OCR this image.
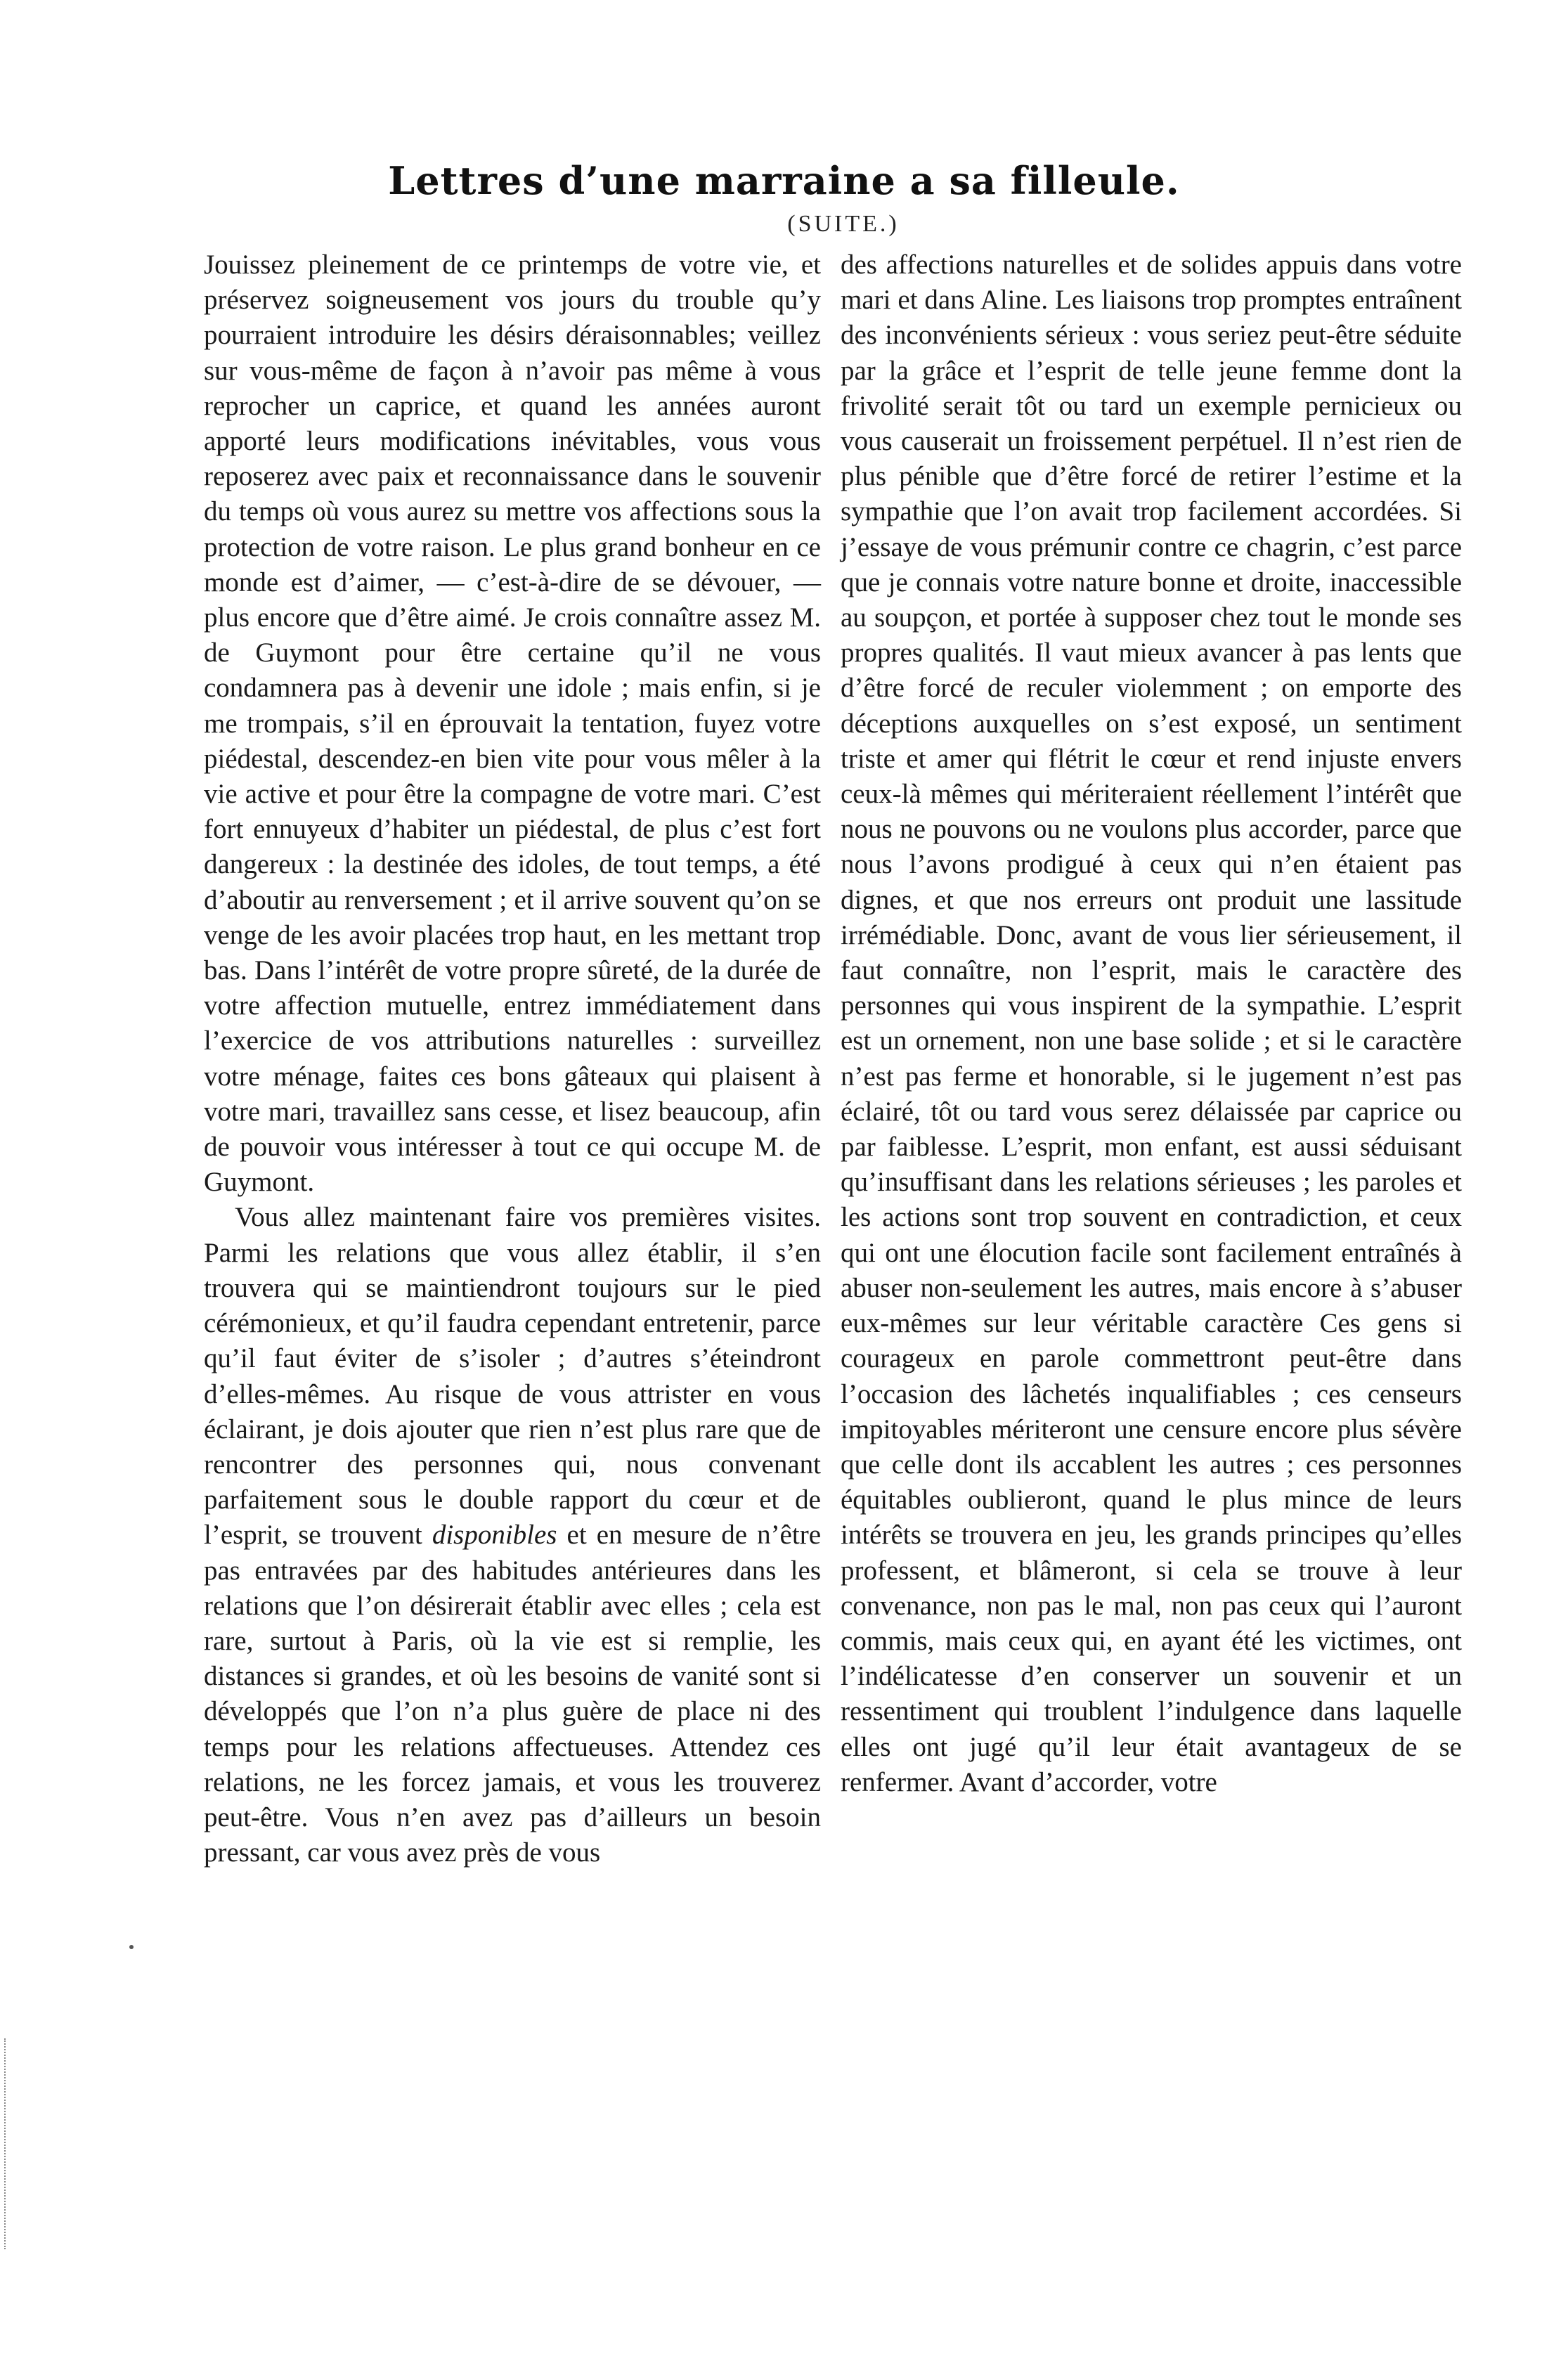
Lettres d’une marraine a sa filleule.
(SUITE.)

Jouissez pleinement de ce printemps de votre vie, et préservez soigneusement vos jours du trouble qu’y pourraient introduire les désirs déraisonnables; veillez sur vous-même de façon à n’avoir pas même à vous reprocher un caprice, et quand les années auront apporté leurs modifications inévitables, vous vous reposerez avec paix et reconnaissance dans le souvenir du temps où vous aurez su mettre vos affections sous la protection de votre raison. Le plus grand bonheur en ce monde est d’aimer, — c’est-à-dire de se dévouer, — plus encore que d’être aimé. Je crois connaître assez M. de Guymont pour être certaine qu’il ne vous condamnera pas à devenir une idole ; mais enfin, si je me trompais, s’il en éprouvait la tentation, fuyez votre piédestal, descendez-en bien vite pour vous mêler à la vie active et pour être la compagne de votre mari. C’est fort ennuyeux d’habiter un piédestal, de plus c’est fort dangereux : la destinée des idoles, de tout temps, a été d’aboutir au renversement ; et il arrive souvent qu’on se venge de les avoir placées trop haut, en les mettant trop bas. Dans l’intérêt de votre propre sûreté, de la durée de votre affection mutuelle, entrez immédiatement dans l’exercice de vos attributions naturelles : surveillez votre ménage, faites ces bons gâteaux qui plaisent à votre mari, travaillez sans cesse, et lisez beaucoup, afin de pouvoir vous intéresser à tout ce qui occupe M. de Guymont.

Vous allez maintenant faire vos premières visites. Parmi les relations que vous allez établir, il s’en trouvera qui se maintiendront toujours sur le pied cérémonieux, et qu’il faudra cependant entretenir, parce qu’il faut éviter de s’isoler ; d’autres s’éteindront d’elles-mêmes. Au risque de vous attrister en vous éclairant, je dois ajouter que rien n’est plus rare que de rencontrer des personnes qui, nous convenant parfaitement sous le double rapport du cœur et de l’esprit, se trouvent disponibles et en mesure de n’être pas entravées par des habitudes antérieures dans les relations que l’on désirerait établir avec elles ; cela est rare, surtout à Paris, où la vie est si remplie, les distances si grandes, et où les besoins de vanité sont si développés que l’on n’a plus guère de place ni des temps pour les relations affectueuses. Attendez ces relations, ne les forcez jamais, et vous les trouverez peut-être. Vous n’en avez pas d’ailleurs un besoin pressant, car vous avez près de vous

des affections naturelles et de solides appuis dans votre mari et dans Aline. Les liaisons trop promptes entraînent des inconvénients sérieux : vous seriez peut-être séduite par la grâce et l’esprit de telle jeune femme dont la frivolité serait tôt ou tard un exemple pernicieux ou vous causerait un froissement perpétuel. Il n’est rien de plus pénible que d’être forcé de retirer l’estime et la sympathie que l’on avait trop facilement accordées. Si j’essaye de vous prémunir contre ce chagrin, c’est parce que je connais votre nature bonne et droite, inaccessible au soupçon, et portée à supposer chez tout le monde ses propres qualités. Il vaut mieux avancer à pas lents que d’être forcé de reculer violemment ; on emporte des déceptions auxquelles on s’est exposé, un sentiment triste et amer qui flétrit le cœur et rend injuste envers ceux-là mêmes qui mériteraient réellement l’intérêt que nous ne pouvons ou ne voulons plus accorder, parce que nous l’avons prodigué à ceux qui n’en étaient pas dignes, et que nos erreurs ont produit une lassitude irrémédiable. Donc, avant de vous lier sérieusement, il faut connaître, non l’esprit, mais le caractère des personnes qui vous inspirent de la sympathie. L’esprit est un ornement, non une base solide ; et si le caractère n’est pas ferme et honorable, si le jugement n’est pas éclairé, tôt ou tard vous serez délaissée par caprice ou par faiblesse. L’esprit, mon enfant, est aussi séduisant qu’insuffisant dans les relations sérieuses ; les paroles et les actions sont trop souvent en contradiction, et ceux qui ont une élocution facile sont facilement entraînés à abuser non-seulement les autres, mais encore à s’abuser eux-mêmes sur leur véritable caractère Ces gens si courageux en parole commettront peut-être dans l’occasion des lâchetés inqualifiables ; ces censeurs impitoyables mériteront une censure encore plus sévère que celle dont ils accablent les autres ; ces personnes équitables oublieront, quand le plus mince de leurs intérêts se trouvera en jeu, les grands principes qu’elles professent, et blâmeront, si cela se trouve à leur convenance, non pas le mal, non pas ceux qui l’auront commis, mais ceux qui, en ayant été les victimes, ont l’indélicatesse d’en conserver un souvenir et un ressentiment qui troublent l’indulgence dans laquelle elles ont jugé qu’il leur était avantageux de se renfermer. Avant d’accorder, votre
